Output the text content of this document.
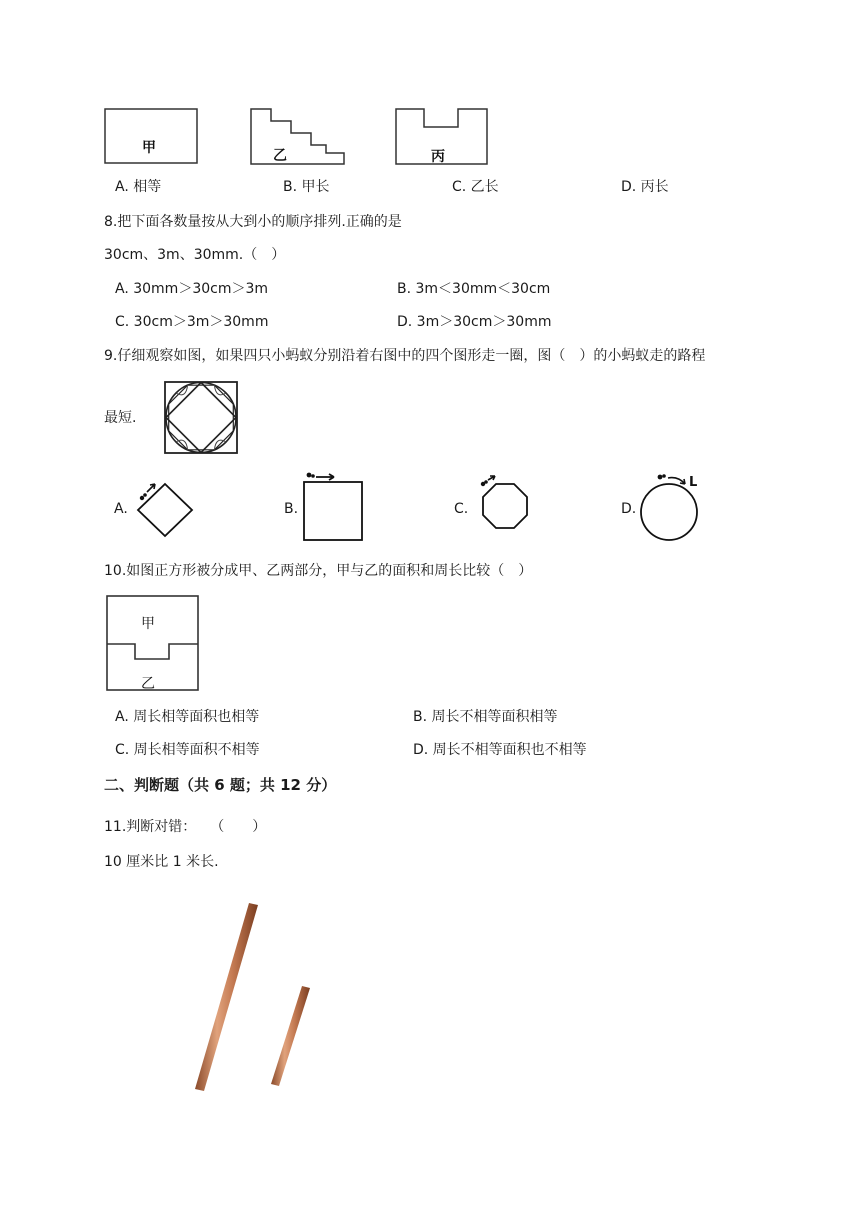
甲	乙	丙
A. 相等	B. 甲长	C. 乙长	D. 丙长
8.把下面各数量按从大到小的顺序排列.正确的是
30cm、3m、30mm.（　）
A. 30mm＞30cm＞3m	B. 3m＜30mm＜30cm
C. 30cm＞3m＞30mm	D. 3m＞30cm＞30mm
9.仔细观察如图，如果四只小蚂蚁分别沿着右图中的四个图形走一圈，图（　）的小蚂蚁走的路程
最短.
A.	B.	C.	D.
L
10.如图正方形被分成甲、乙两部分，甲与乙的面积和周长比较（　）
甲
乙
A. 周长相等面积也相等	B. 周长不相等面积相等
C. 周长相等面积不相等	D. 周长不相等面积也不相等
二、判断题（共 6 题；共 12 分）
11.判断对错：　　（　　）
10 厘米比 1 米长.
